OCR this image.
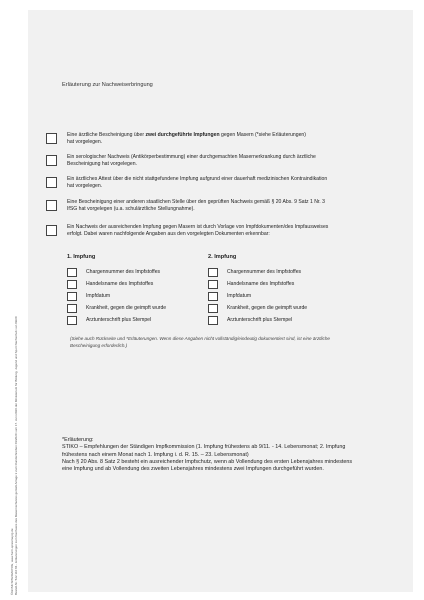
Erläuterung zur Nachweiserbringung
Eine ärztliche Bescheinigung über zwei durchgeführte Impfungen gegen Masern (*siehe Erläuterungen)
hat vorgelegen.
Ein serologischer Nachweis (Antikörperbestimmung) einer durchgemachten Masernerkrankung durch ärztliche
Bescheinigung hat vorgelegen.
Ein ärztliches Attest über die nicht stattgefundene Impfung aufgrund einer dauerhaft medizinischen Kontraindikation
hat vorgelegen.
Eine Bescheinigung einer anderen staatlichen Stelle über den geprüften Nachweis gemäß § 20 Abs. 9 Satz 1 Nr. 3
IfSG hat vorgelegen (u.a. schulärztliche Stellungnahme).
Ein Nachweis der ausreichenden Impfung gegen Masern ist durch Vorlage von Impfdokumenten/des Impfausweises
erfolgt. Dabei waren nachfolgende Angaben aus den vorgelegten Dokumenten erkennbar:
1. Impfung
Chargennummer des Impfstoffes
Handelsname des Impfstoffes
Impfdatum
Krankheit, gegen die geimpft wurde
Arztunterschrift plus Stempel
2. Impfung
Chargennummer des Impfstoffes
Handelsname des Impfstoffes
Impfdatum
Krankheit, gegen die geimpft wurde
Arztunterschrift plus Stempel
(Siehe auch Rückseite und *Erläuterungen. Wenn diese Angaben nicht vollständig/eindeutig dokumentiert sind, ist eine ärztliche
Bescheinigung erforderlich.)

*Erläuterung:

STIKO – Empfehlungen der Ständigen Impfkommission (1. Impfung frühestens ab 9/11. - 14. Lebensmonat; 2. Impfung

frühestens nach einem Monat nach 1. Impfung i. d. R. 15. – 23. Lebensmonat)

Nach § 20 Abs. 8 Satz 2 besteht ein ausreichender Impfschutz, wenn ab Vollendung des ersten Lebensjahres mindestens

eine Impfung und ab Vollendung des zweiten Lebensjahres mindestens zwei Impfungen durchgeführt wurden.

©GDSK SPIESMAYRG, www.form-spiesmayrg.de
Bestell-Nr. 522 110 84 - Erläuterungen zum Nachweis des Masernschutzes gemäß Anlage 3 zum Rundschreiben 03/2020 vom 17. Juni 2020 der Ministerium für Bildung, Jugend und Sport Nachschub von 09/20
